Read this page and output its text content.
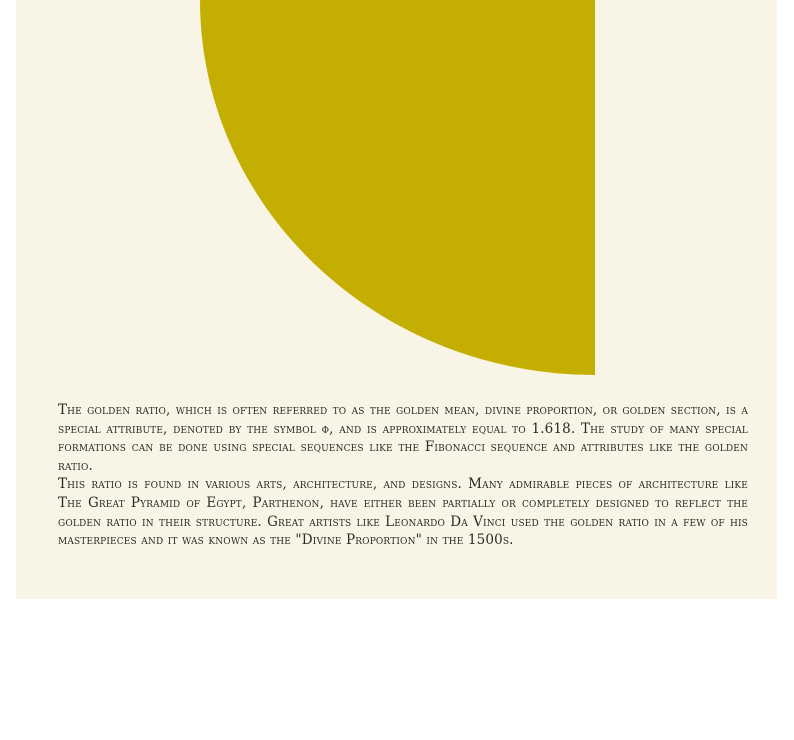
The golden ratio, which is often referred to as the golden mean, divine proportion, or golden section, is a special attribute, denoted by the symbol ϕ, and is approximately equal to 1.618. The study of many special formations can be done using special sequences like the Fibonacci sequence and attributes like the golden ratio.

This ratio is found in various arts, architecture, and designs. Many admirable pieces of architecture like The Great Pyramid of Egypt, Parthenon, have either been partially or completely designed to reflect the golden ratio in their structure. Great artists like Leonardo Da Vinci used the golden ratio in a few of his masterpieces and it was known as the "Divine Proportion" in the 1500s.
